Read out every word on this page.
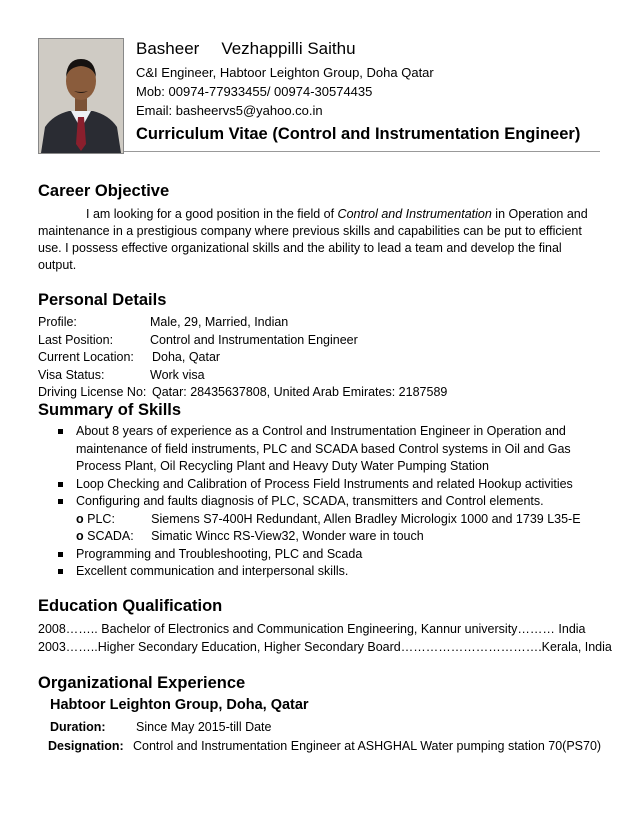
Basheer Vezhappilli Saithu
C&I Engineer, Habtoor Leighton Group, Doha Qatar
Mob: 00974-77933455/ 00974-30574435
Email: basheervs5@yahoo.co.in
Curriculum Vitae (Control and Instrumentation Engineer)
Career Objective
I am looking for a good position in the field of Control and Instrumentation in Operation and maintenance in a prestigious company where previous skills and capabilities can be put to efficient use. I possess effective organizational skills and the ability to lead a team and develop the final output.
Personal Details
Profile:	Male, 29, Married, Indian
Last Position:	Control and Instrumentation Engineer
Current Location: Doha, Qatar
Visa Status:	Work visa
Driving License No: Qatar: 28435637808, United Arab Emirates: 2187589
Summary of Skills
About 8 years of experience as a Control and Instrumentation Engineer in Operation and maintenance of field instruments, PLC and SCADA based Control systems in Oil and Gas Process Plant, Oil Recycling Plant and Heavy Duty Water Pumping Station
Loop Checking and Calibration of Process Field Instruments and related Hookup activities
Configuring and faults diagnosis of PLC, SCADA, transmitters and Control elements.
o PLC:	Siemens S7-400H Redundant, Allen Bradley Micrologix 1000 and 1739 L35-E
o SCADA: Simatic Wincc RS-View32, Wonder ware in touch
Programming and Troubleshooting, PLC and Scada
Excellent communication and interpersonal skills.
Education Qualification
2008…….. Bachelor of Electronics and Communication Engineering, Kannur university……… India
2003……..Higher Secondary Education, Higher Secondary Board…………………………….Kerala, India
Organizational Experience
Habtoor Leighton Group, Doha, Qatar
Duration: Since May 2015-till Date
Designation: Control and Instrumentation Engineer at ASHGHAL Water pumping station 70(PS70)
